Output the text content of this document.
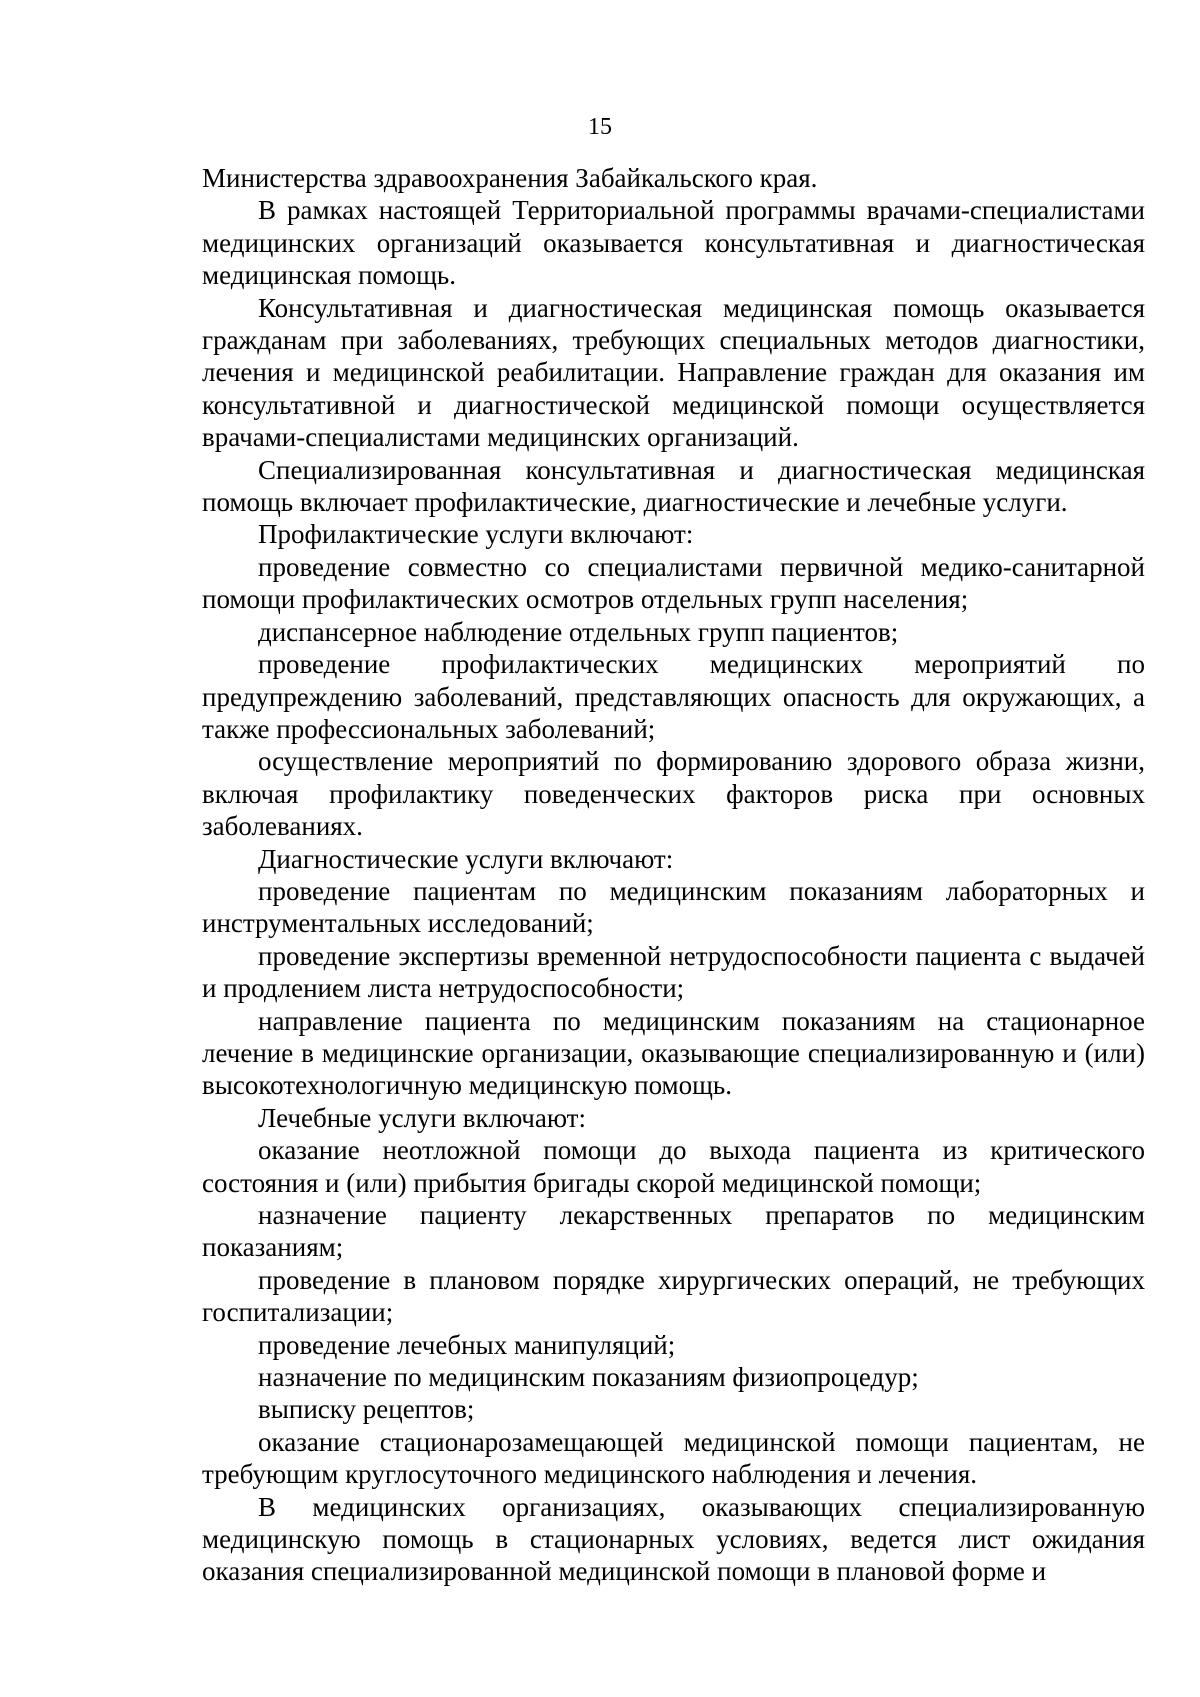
15

Министерства здравоохранения Забайкальского края.

В рамках настоящей Территориальной программы врачами-специалистами медицинских организаций оказывается консультативная и диагностическая медицинская помощь.

Консультативная и диагностическая медицинская помощь оказывается гражданам при заболеваниях, требующих специальных методов диагностики, лечения и медицинской реабилитации. Направление граждан для оказания им консультативной и диагностической медицинской помощи осуществляется врачами-специалистами медицинских организаций.

Специализированная консультативная и диагностическая медицинская помощь включает профилактические, диагностические и лечебные услуги.

Профилактические услуги включают:

проведение совместно со специалистами первичной медико-санитарной помощи профилактических осмотров отдельных групп населения;

диспансерное наблюдение отдельных групп пациентов;

проведение профилактических медицинских мероприятий по предупреждению заболеваний, представляющих опасность для окружающих, а также профессиональных заболеваний;

осуществление мероприятий по формированию здорового образа жизни, включая профилактику поведенческих факторов риска при основных заболеваниях.

Диагностические услуги включают:

проведение пациентам по медицинским показаниям лабораторных и инструментальных исследований;

проведение экспертизы временной нетрудоспособности пациента с выдачей и продлением листа нетрудоспособности;

направление пациента по медицинским показаниям на стационарное лечение в медицинские организации, оказывающие специализированную и (или) высокотехнологичную медицинскую помощь.

Лечебные услуги включают:

оказание неотложной помощи до выхода пациента из критического состояния и (или) прибытия бригады скорой медицинской помощи;

назначение пациенту лекарственных препаратов по медицинским показаниям;

проведение в плановом порядке хирургических операций, не требующих госпитализации;

проведение лечебных манипуляций;

назначение по медицинским показаниям физиопроцедур;

выписку рецептов;

оказание стационарозамещающей медицинской помощи пациентам, не требующим круглосуточного медицинского наблюдения и лечения.

В медицинских организациях, оказывающих специализированную медицинскую помощь в стационарных условиях, ведется лист ожидания оказания специализированной медицинской помощи в плановой форме и
